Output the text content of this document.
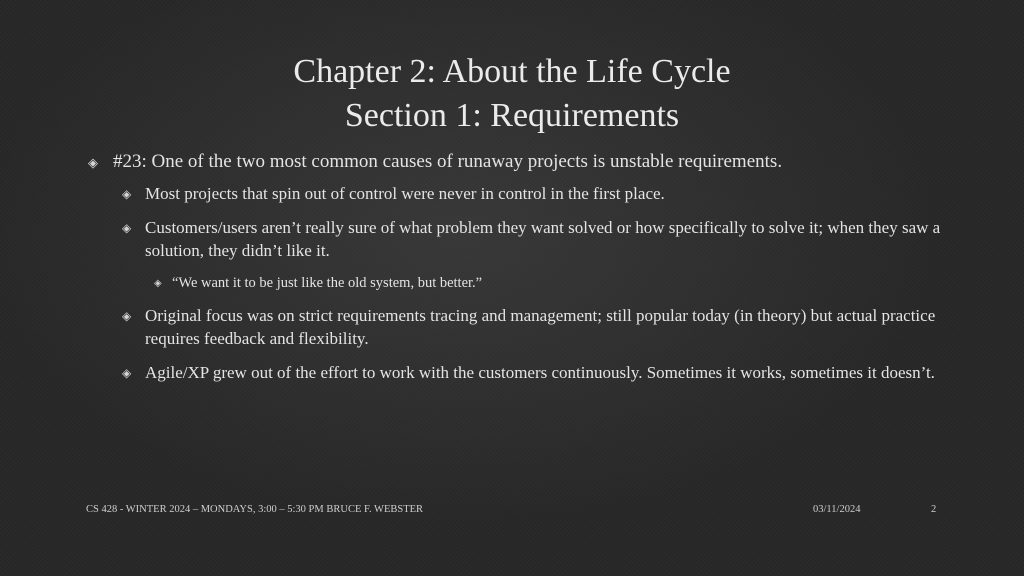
Chapter 2: About the Life Cycle
Section 1: Requirements
◈ #23: One of the two most common causes of runaway projects is unstable requirements.
◈ Most projects that spin out of control were never in control in the first place.
◈ Customers/users aren’t really sure of what problem they want solved or how specifically to solve it; when they saw a solution, they didn’t like it.
◈ “We want it to be just like the old system, but better.”
◈ Original focus was on strict requirements tracing and management; still popular today (in theory) but actual practice requires feedback and flexibility.
◈ Agile/XP grew out of the effort to work with the customers continuously. Sometimes it works, sometimes it doesn’t.
CS 428 - WINTER 2024 – MONDAYS, 3:00 – 5:30 PM BRUCE F. WEBSTER	03/11/2024	2
